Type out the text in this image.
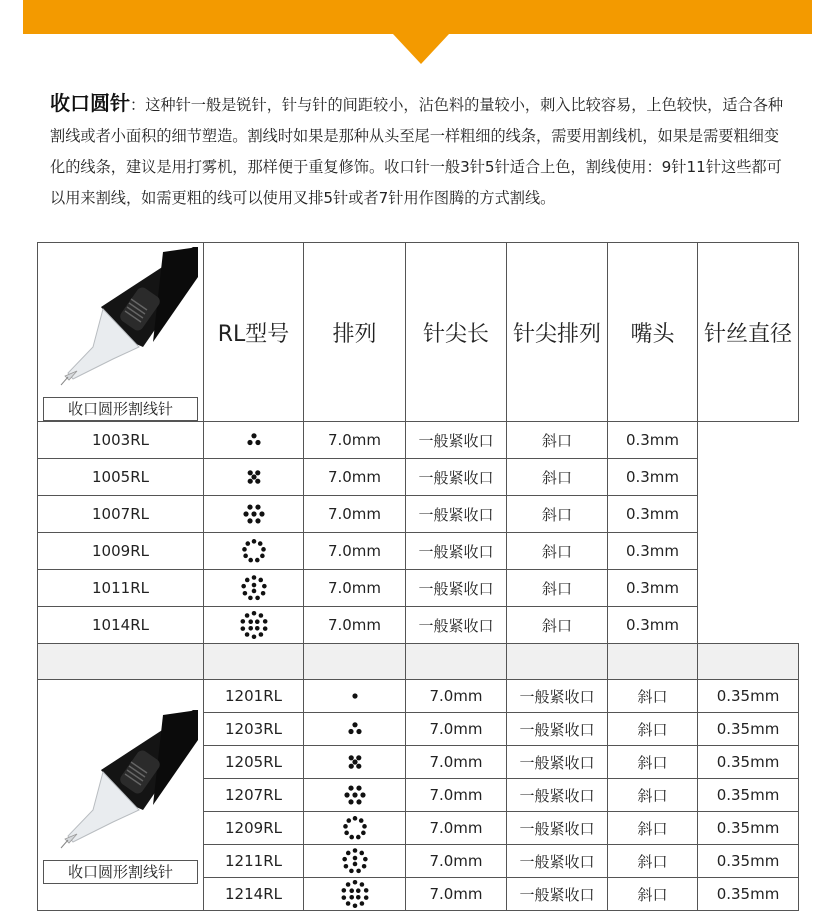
收口圆针：这种针一般是锐针，针与针的间距较小，沾色料的量较小，刺入比较容易，上色较快，适合各种割线或者小面积的细节塑造。割线时如果是那种从头至尾一样粗细的线条，需要用割线机，如果是需要粗细变化的线条，建议是用打雾机，那样便于重复修饰。收口针一般3针5针适合上色，割线使用：9针11针这些都可以用来割线，如需更粗的线可以使用叉排5针或者7针用作图腾的方式割线。
收口圆形割线针	RL型号	排列	针尖长	针尖排列	嘴头	针丝直径
1003RL		7.0mm	一般紧收口	斜口	0.3mm	
1005RL		7.0mm	一般紧收口	斜口	0.3mm	
1007RL		7.0mm	一般紧收口	斜口	0.3mm	
1009RL		7.0mm	一般紧收口	斜口	0.3mm	
1011RL		7.0mm	一般紧收口	斜口	0.3mm	
1014RL		7.0mm	一般紧收口	斜口	0.3mm	

收口圆形割线针	1201RL		7.0mm	一般紧收口	斜口	0.35mm
	1203RL		7.0mm	一般紧收口	斜口	0.35mm
	1205RL		7.0mm	一般紧收口	斜口	0.35mm
	1207RL		7.0mm	一般紧收口	斜口	0.35mm
	1209RL		7.0mm	一般紧收口	斜口	0.35mm
	1211RL		7.0mm	一般紧收口	斜口	0.35mm
	1214RL		7.0mm	一般紧收口	斜口	0.35mm
